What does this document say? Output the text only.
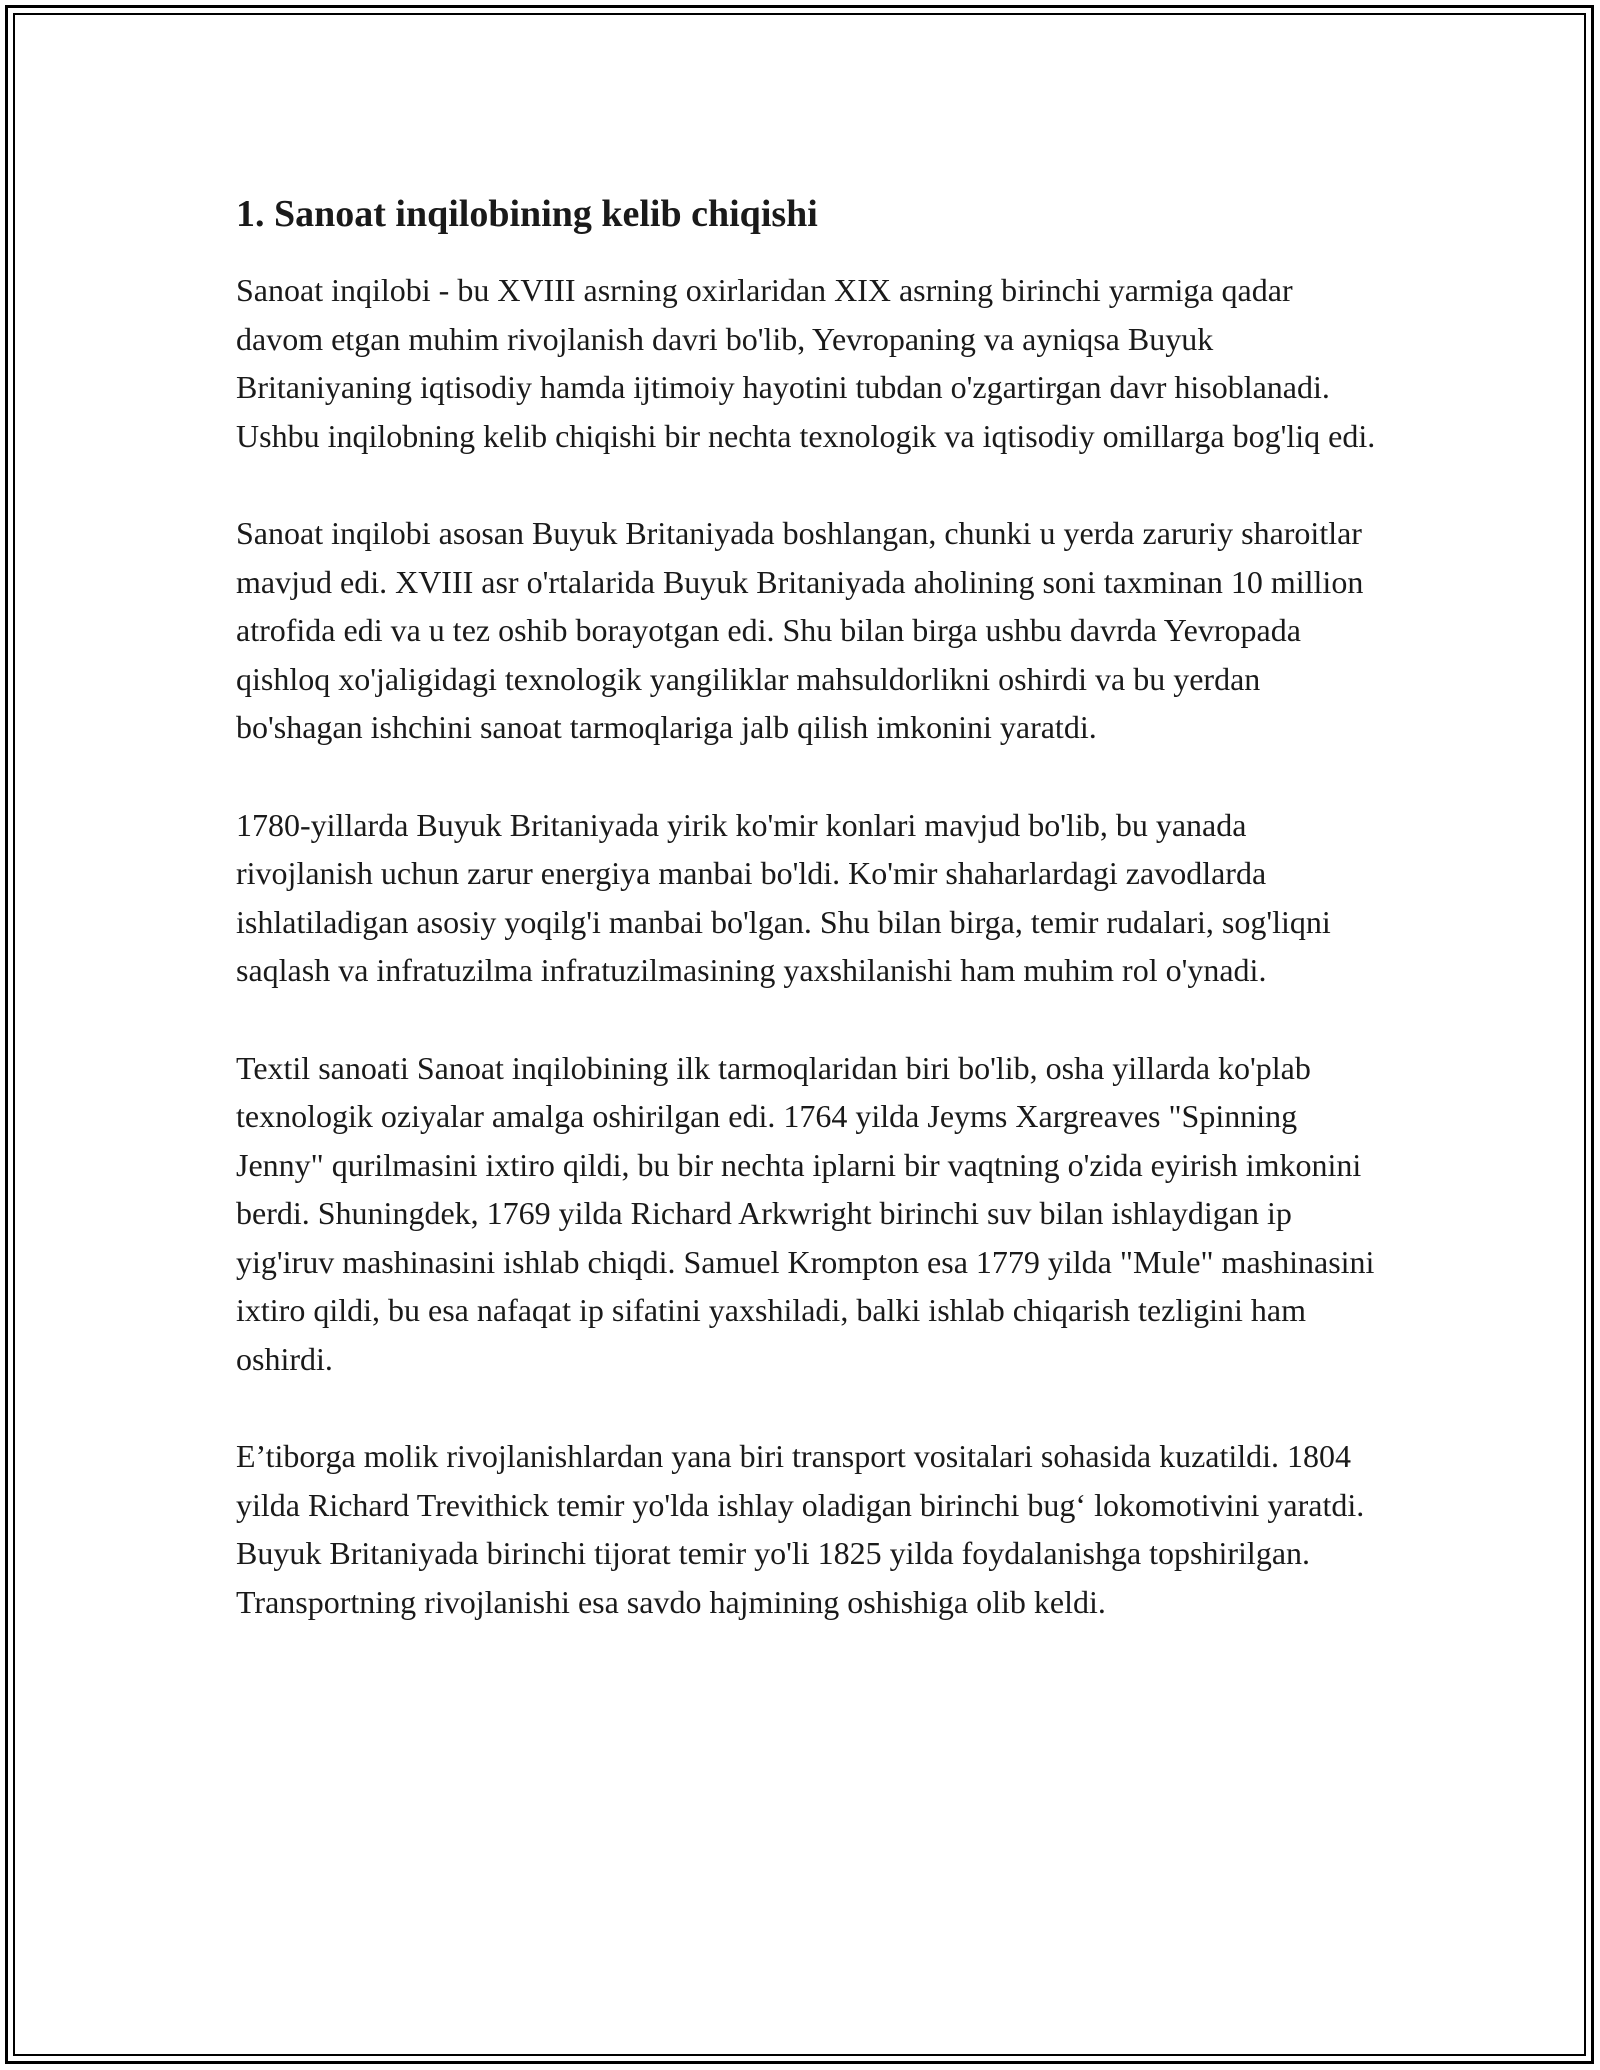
1. Sanoat inqilobining kelib chiqishi

Sanoat inqilobi - bu XVIII asrning oxirlaridan XIX asrning birinchi yarmiga qadar davom etgan muhim rivojlanish davri bo'lib, Yevropaning va ayniqsa Buyuk Britaniyaning iqtisodiy hamda ijtimoiy hayotini tubdan o'zgartirgan davr hisoblanadi. Ushbu inqilobning kelib chiqishi bir nechta texnologik va iqtisodiy omillarga bog'liq edi.

Sanoat inqilobi asosan Buyuk Britaniyada boshlangan, chunki u yerda zaruriy sharoitlar mavjud edi. XVIII asr o'rtalarida Buyuk Britaniyada aholining soni taxminan 10 million atrofida edi va u tez oshib borayotgan edi. Shu bilan birga ushbu davrda Yevropada qishloq xo'jaligidagi texnologik yangiliklar mahsuldorlikni oshirdi va bu yerdan bo'shagan ishchini sanoat tarmoqlariga jalb qilish imkonini yaratdi.

1780-yillarda Buyuk Britaniyada yirik ko'mir konlari mavjud bo'lib, bu yanada rivojlanish uchun zarur energiya manbai bo'ldi. Ko'mir shaharlardagi zavodlarda ishlatiladigan asosiy yoqilg'i manbai bo'lgan. Shu bilan birga, temir rudalari, sog'liqni saqlash va infratuzilma infratuzilmasining yaxshilanishi ham muhim rol o'ynadi.

Textil sanoati Sanoat inqilobining ilk tarmoqlaridan biri bo'lib, osha yillarda ko'plab texnologik oziyalar amalga oshirilgan edi. 1764 yilda Jeyms Xargreaves "Spinning Jenny" qurilmasini ixtiro qildi, bu bir nechta iplarni bir vaqtning o'zida eyirish imkonini berdi. Shuningdek, 1769 yilda Richard Arkwright birinchi suv bilan ishlaydigan ip yig'iruv mashinasini ishlab chiqdi. Samuel Krompton esa 1779 yilda "Mule" mashinasini ixtiro qildi, bu esa nafaqat ip sifatini yaxshiladi, balki ishlab chiqarish tezligini ham oshirdi.

E’tiborga molik rivojlanishlardan yana biri transport vositalari sohasida kuzatildi. 1804 yilda Richard Trevithick temir yo'lda ishlay oladigan birinchi bug‘ lokomotivini yaratdi. Buyuk Britaniyada birinchi tijorat temir yo'li 1825 yilda foydalanishga topshirilgan. Transportning rivojlanishi esa savdo hajmining oshishiga olib keldi.
